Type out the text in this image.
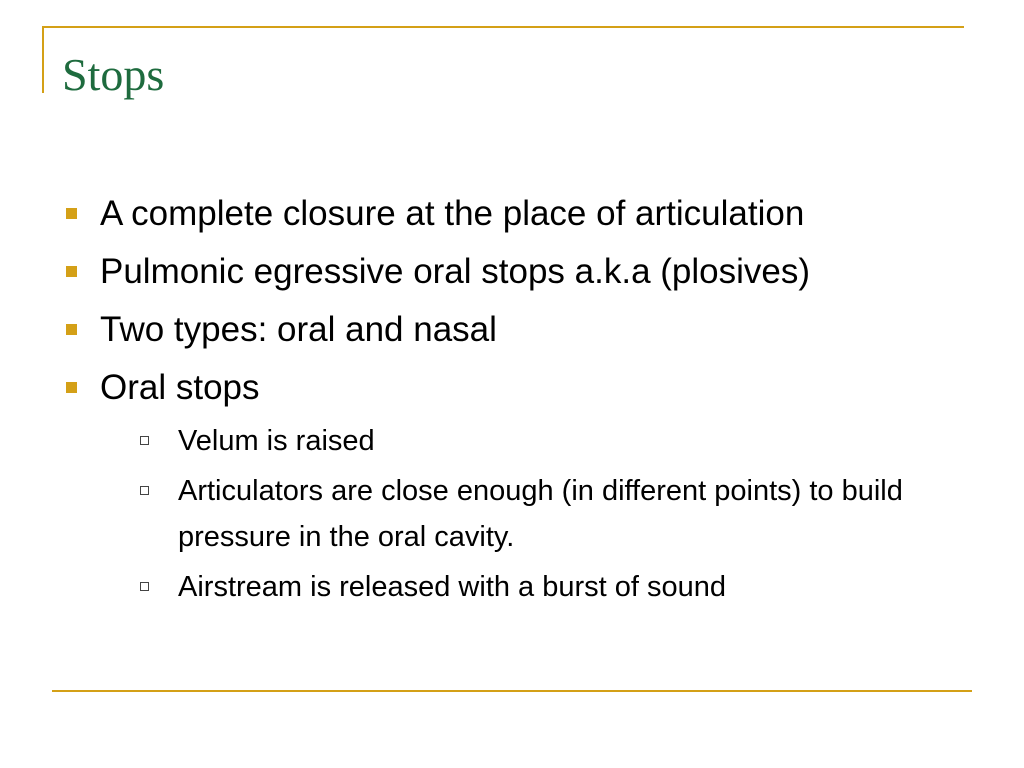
Stops
A complete closure at the place of articulation
Pulmonic egressive oral stops a.k.a (plosives)
Two types: oral and nasal
Oral stops
Velum is raised
Articulators are close enough (in different points) to build pressure in the oral cavity.
Airstream is released with a burst of sound
